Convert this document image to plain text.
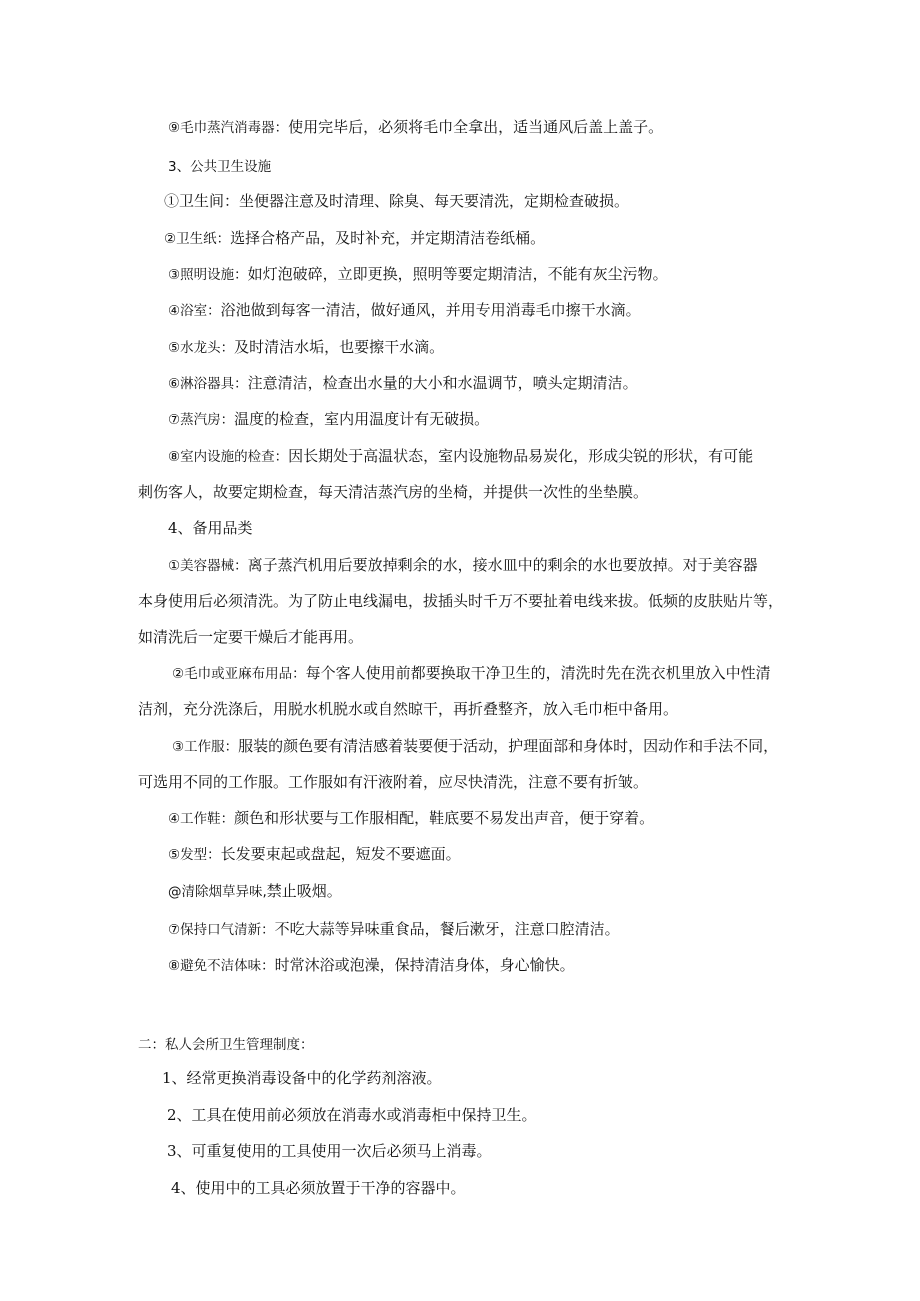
⑨毛巾蒸汽消毒器：使用完毕后，必须将毛巾全拿出，适当通风后盖上盖子。
3、公共卫生设施
①卫生间：坐便器注意及时清理、除臭、每天要清洗，定期检查破损。
②卫生纸：选择合格产品，及时补充，并定期清洁卷纸桶。
③照明设施：如灯泡破碎，立即更换，照明等要定期清洁，不能有灰尘污物。
④浴室：浴池做到每客一清洁，做好通风，并用专用消毒毛巾擦干水滴。
⑤水龙头：及时清洁水垢，也要擦干水滴。
⑥淋浴器具：注意清洁，检查出水量的大小和水温调节，喷头定期清洁。
⑦蒸汽房：温度的检查，室内用温度计有无破损。
⑧室内设施的检查：因长期处于高温状态，室内设施物品易炭化，形成尖锐的形状，有可能
刺伤客人，故要定期检查，每天清洁蒸汽房的坐椅，并提供一次性的坐垫膜。
4、备用品类
①美容器械：离子蒸汽机用后要放掉剩余的水，接水皿中的剩余的水也要放掉。对于美容器
本身使用后必须清洗。为了防止电线漏电，拔插头时千万不要扯着电线来拔。低频的皮肤贴片等，
如清洗后一定要干燥后才能再用。
②毛巾或亚麻布用品：每个客人使用前都要换取干净卫生的，清洗时先在洗衣机里放入中性清
洁剂，充分洗涤后，用脱水机脱水或自然晾干，再折叠整齐，放入毛巾柜中备用。
③工作服：服装的颜色要有清洁感着装要便于活动，护理面部和身体时，因动作和手法不同，
可选用不同的工作服。工作服如有汗液附着，应尽快清洗，注意不要有折皱。
④工作鞋：颜色和形状要与工作服相配，鞋底要不易发出声音，便于穿着。
⑤发型：长发要束起或盘起，短发不要遮面。
@清除烟草异味,禁止吸烟。
⑦保持口气清新：不吃大蒜等异味重食品，餐后漱牙，注意口腔清洁。
⑧避免不洁体味：时常沐浴或泡澡，保持清洁身体，身心愉快。
二：私人会所卫生管理制度：
1、经常更换消毒设备中的化学药剂溶液。
2、工具在使用前必须放在消毒水或消毒柜中保持卫生。
3、可重复使用的工具使用一次后必须马上消毒。
4、使用中的工具必须放置于干净的容器中。
